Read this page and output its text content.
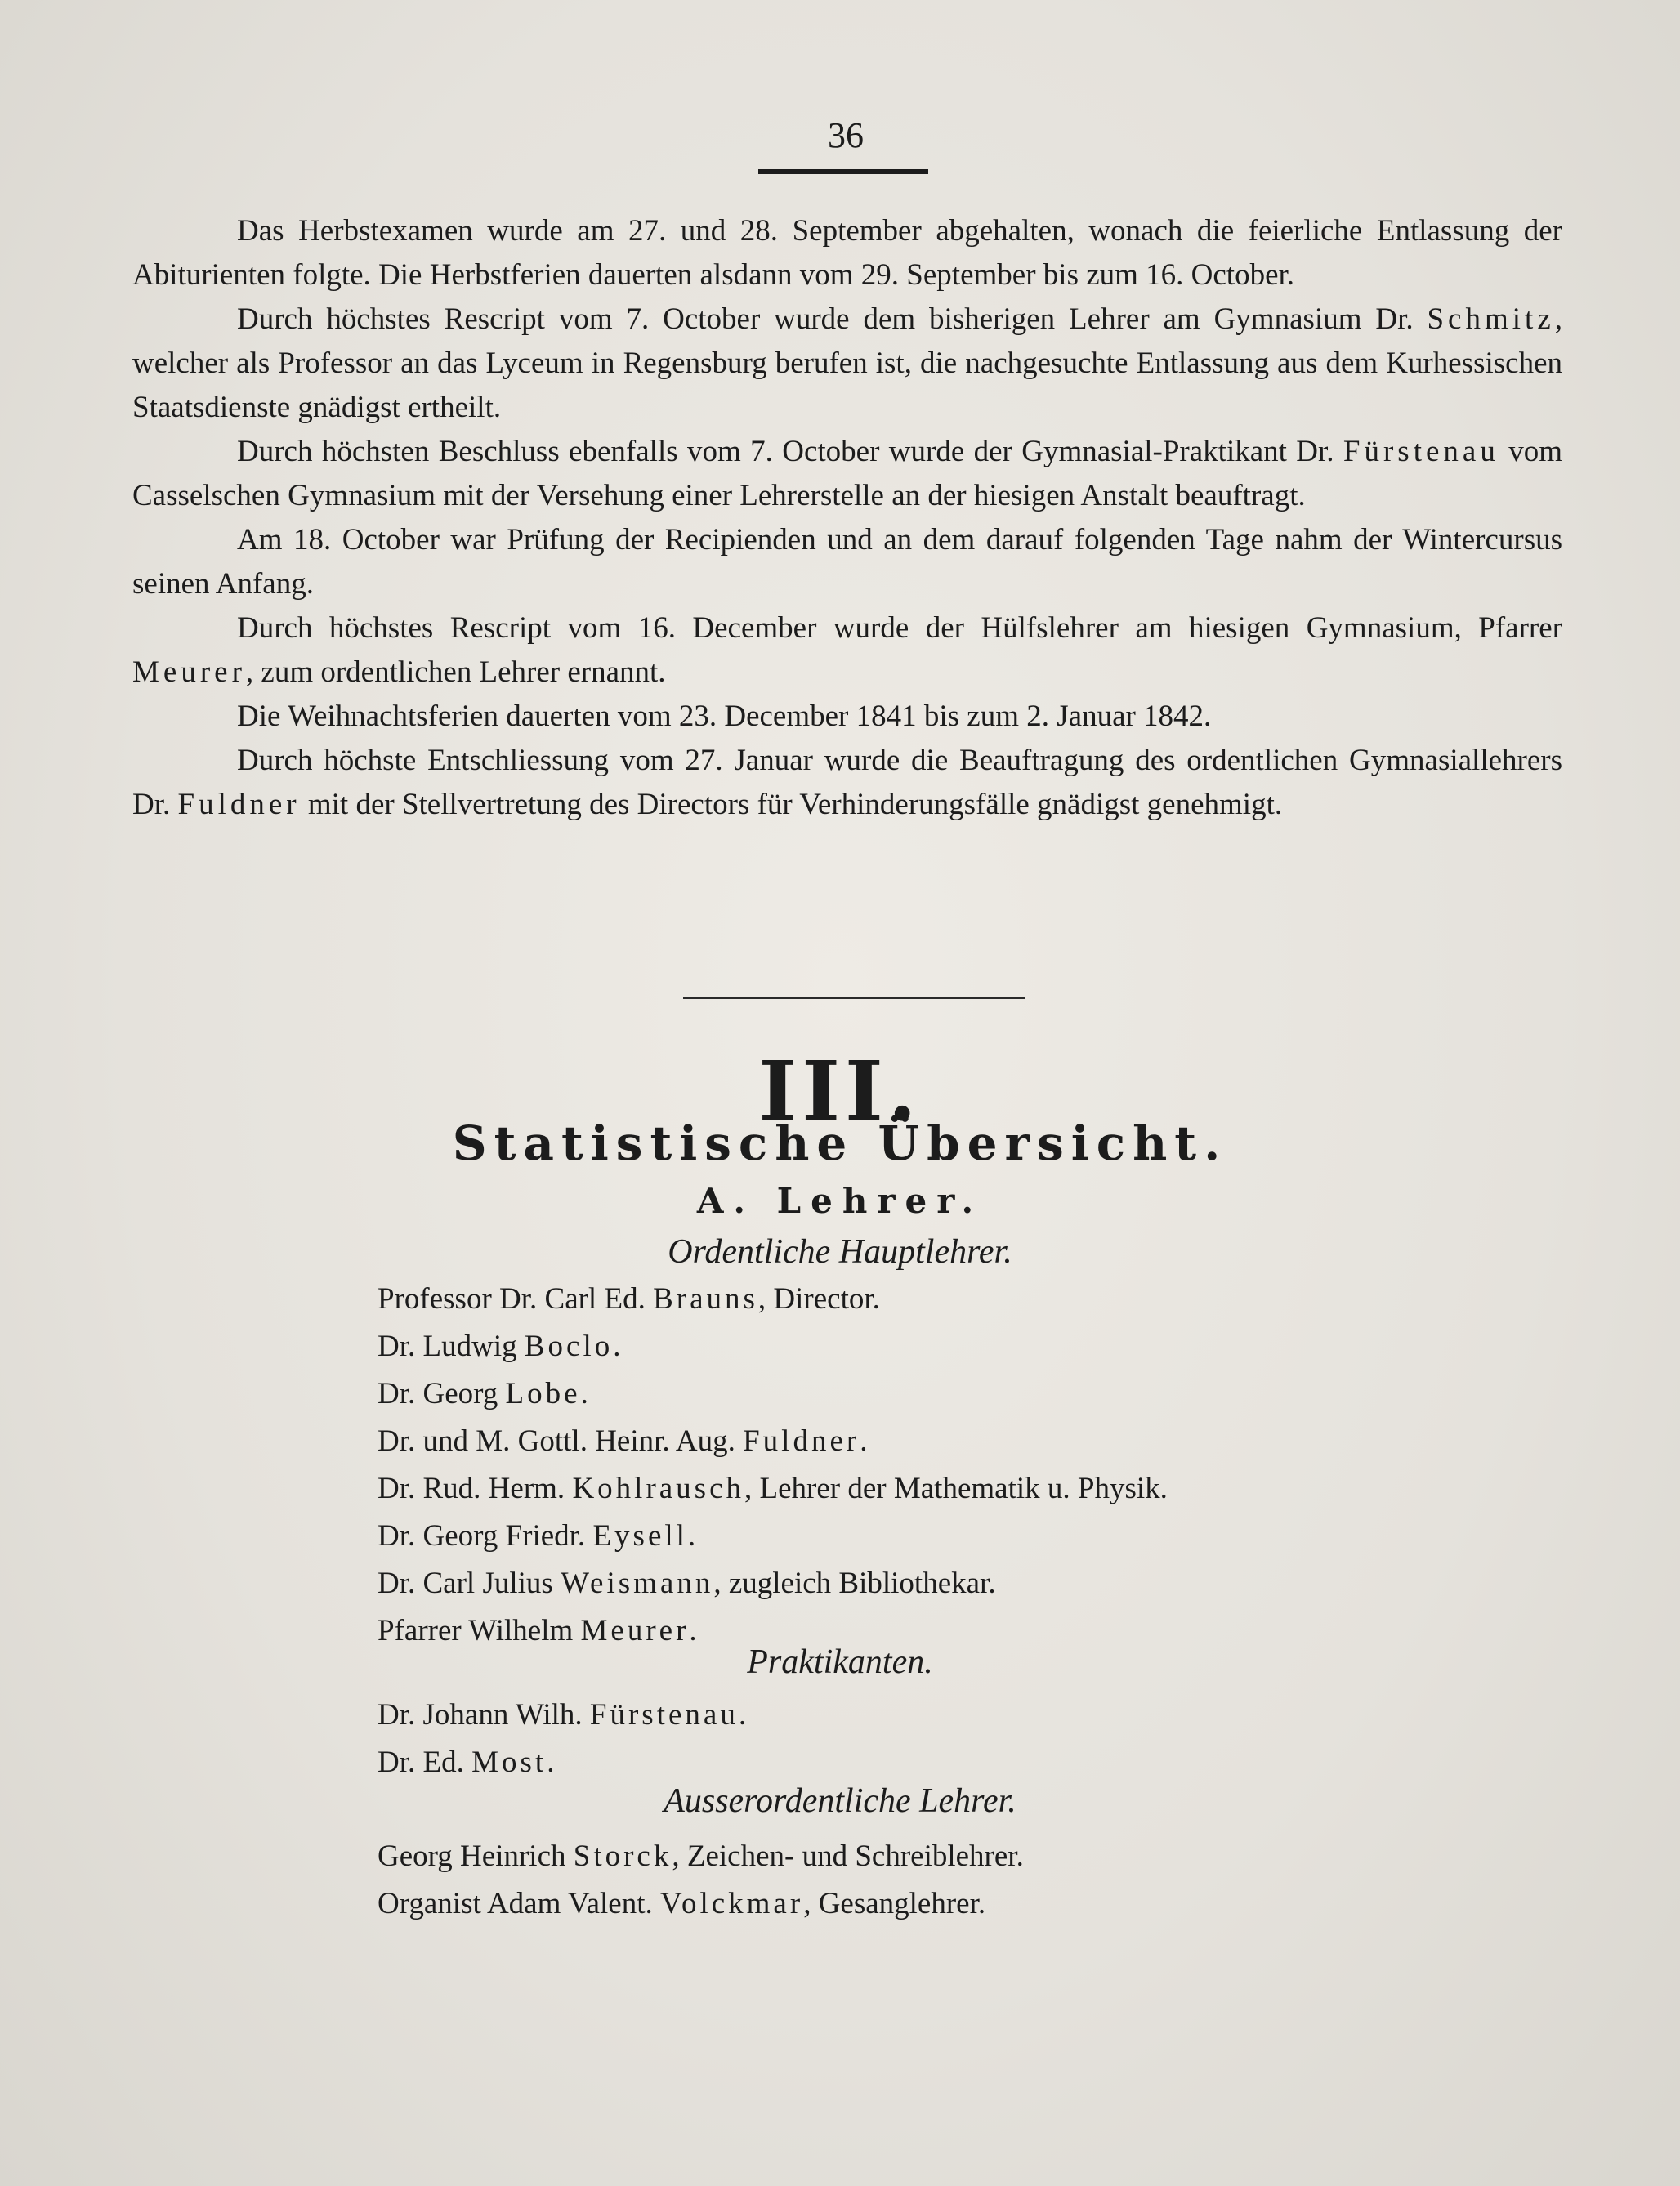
36

Das Herbstexamen wurde am 27. und 28. September abgehalten, wonach die feierliche Entlassung der Abiturienten folgte. Die Herbstferien dauerten alsdann vom 29. September bis zum 16. October.

Durch höchstes Rescript vom 7. October wurde dem bisherigen Lehrer am Gymnasium Dr. Schmitz, welcher als Professor an das Lyceum in Regensburg berufen ist, die nachgesuchte Entlassung aus dem Kurhessischen Staatsdienste gnädigst ertheilt.

Durch höchsten Beschluss ebenfalls vom 7. October wurde der Gymnasial-Praktikant Dr. Fürstenau vom Casselschen Gymnasium mit der Versehung einer Lehrerstelle an der hiesigen Anstalt beauftragt.

Am 18. October war Prüfung der Recipienden und an dem darauf folgenden Tage nahm der Wintercursus seinen Anfang.

Durch höchstes Rescript vom 16. December wurde der Hülfslehrer am hiesigen Gymnasium, Pfarrer Meurer, zum ordentlichen Lehrer ernannt.

Die Weihnachtsferien dauerten vom 23. December 1841 bis zum 2. Januar 1842.

Durch höchste Entschliessung vom 27. Januar wurde die Beauftragung des ordentlichen Gymnasiallehrers Dr. Fuldner mit der Stellvertretung des Directors für Verhinderungsfälle gnädigst genehmigt.

III.
Statistische Übersicht.
A. Lehrer.
Ordentliche Hauptlehrer.
Professor Dr. Carl Ed. Brauns, Director.
Dr. Ludwig Boclo.
Dr. Georg Lobe.
Dr. und M. Gottl. Heinr. Aug. Fuldner.
Dr. Rud. Herm. Kohlrausch, Lehrer der Mathematik u. Physik.
Dr. Georg Friedr. Eysell.
Dr. Carl Julius Weismann, zugleich Bibliothekar.
Pfarrer Wilhelm Meurer.
Praktikanten.
Dr. Johann Wilh. Fürstenau.
Dr. Ed. Most.
Ausserordentliche Lehrer.
Georg Heinrich Storck, Zeichen- und Schreiblehrer.
Organist Adam Valent. Volckmar, Gesanglehrer.
